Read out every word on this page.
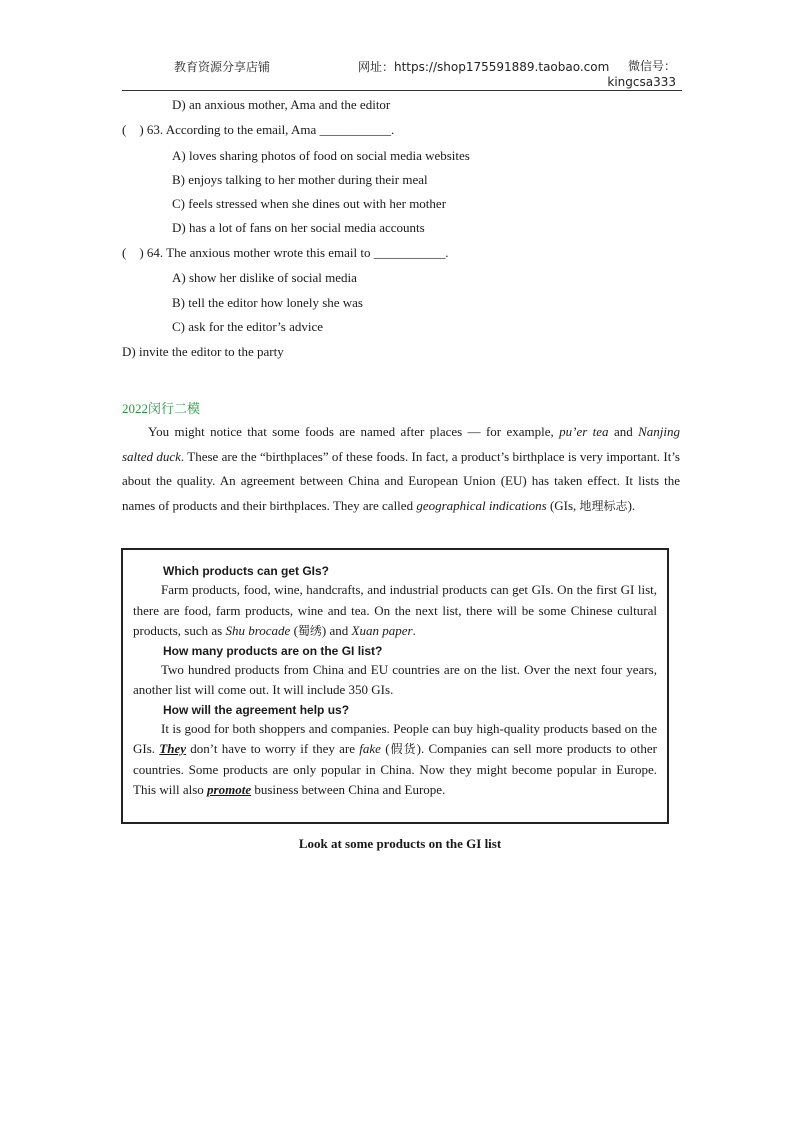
教育资源分享店铺	网址：https://shop175591889.taobao.com	微信号：
kingcsa333
D) an anxious mother, Ama and the editor
( ) 63. According to the email, Ama ___________.
A) loves sharing photos of food on social media websites
B) enjoys talking to her mother during their meal
C) feels stressed when she dines out with her mother
D) has a lot of fans on her social media accounts
( ) 64. The anxious mother wrote this email to ___________.
A) show her dislike of social media
B) tell the editor how lonely she was
C) ask for the editor’s advice
D) invite the editor to the party
2022闵行二模
You might notice that some foods are named after places — for example, pu’er tea and Nanjing salted duck. These are the “birthplaces” of these foods. In fact, a product’s birthplace is very important. It’s about the quality. An agreement between China and European Union (EU) has taken effect. It lists the names of products and their birthplaces. They are called geographical indications (GIs, 地理标志).
Which products can get GIs?

Farm products, food, wine, handcrafts, and industrial products can get GIs. On the first GI list, there are food, farm products, wine and tea. On the next list, there will be some Chinese cultural products, such as Shu brocade (蜀绣) and Xuan paper.

How many products are on the GI list?

Two hundred products from China and EU countries are on the list. Over the next four years, another list will come out. It will include 350 GIs.

How will the agreement help us?

It is good for both shoppers and companies. People can buy high-quality products based on the GIs. They don’t have to worry if they are fake (假货). Companies can sell more products to other countries. Some products are only popular in China. Now they might become popular in Europe. This will also promote business between China and Europe.

Look at some products on the GI list
